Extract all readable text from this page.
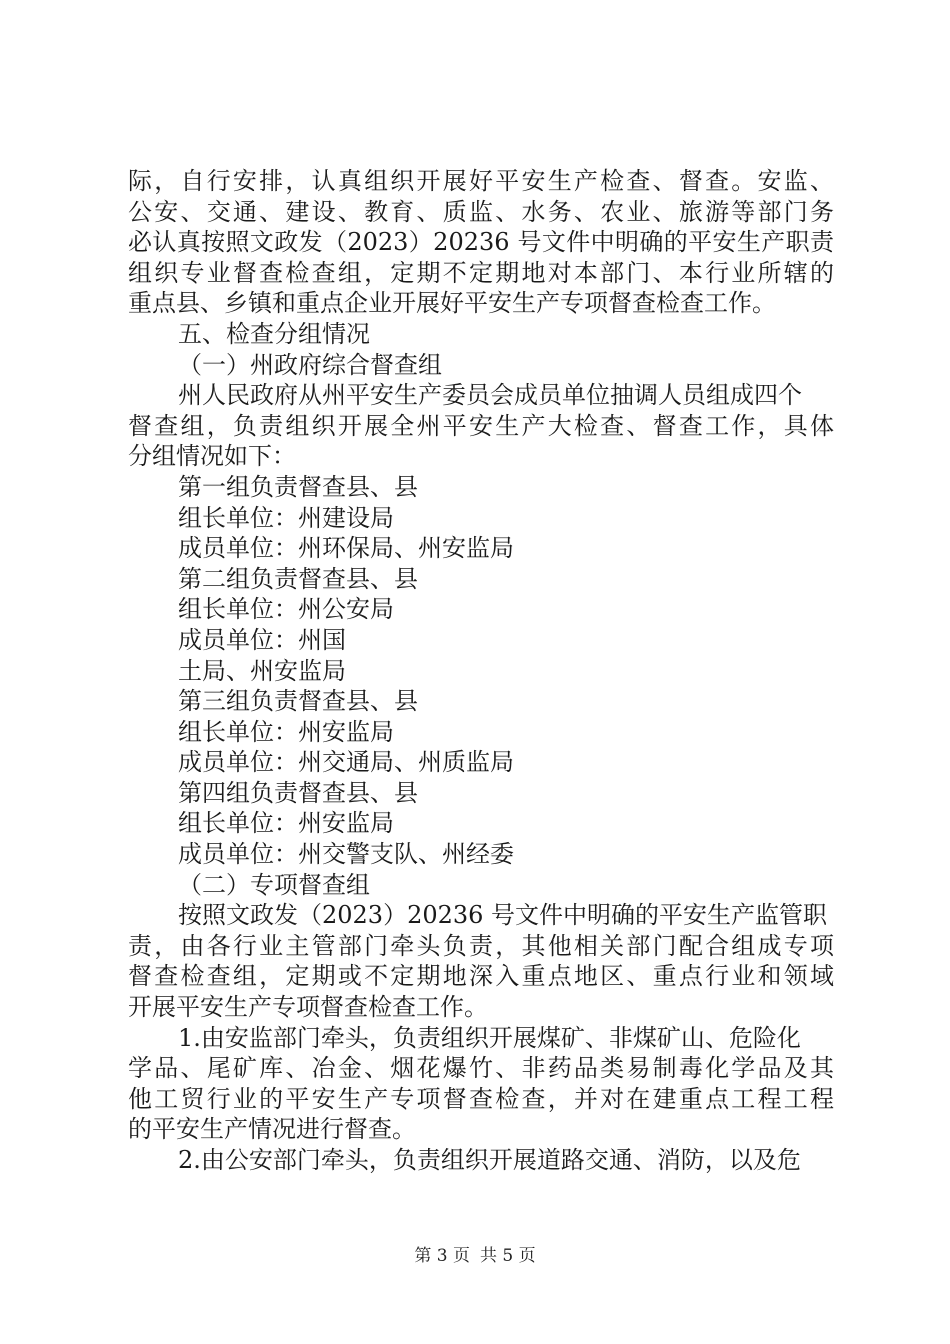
际，自行安排，认真组织开展好平安生产检查、督查。安监、
公安、交通、建设、教育、质监、水务、农业、旅游等部门务
必认真按照文政发（2023）20236 号文件中明确的平安生产职责
组织专业督查检查组，定期不定期地对本部门、本行业所辖的
重点县、乡镇和重点企业开展好平安生产专项督查检查工作。
五、检查分组情况
（一）州政府综合督查组
州人民政府从州平安生产委员会成员单位抽调人员组成四个
督查组，负责组织开展全州平安生产大检查、督查工作，具体
分组情况如下：
第一组负责督查县、县
组长单位：州建设局
成员单位：州环保局、州安监局
第二组负责督查县、县
组长单位：州公安局
成员单位：州国
土局、州安监局
第三组负责督查县、县
组长单位：州安监局
成员单位：州交通局、州质监局
第四组负责督查县、县
组长单位：州安监局
成员单位：州交警支队、州经委
（二）专项督查组
按照文政发（2023）20236 号文件中明确的平安生产监管职
责，由各行业主管部门牵头负责，其他相关部门配合组成专项
督查检查组，定期或不定期地深入重点地区、重点行业和领域
开展平安生产专项督查检查工作。
1.由安监部门牵头，负责组织开展煤矿、非煤矿山、危险化
学品、尾矿库、冶金、烟花爆竹、非药品类易制毒化学品及其
他工贸行业的平安生产专项督查检查，并对在建重点工程工程
的平安生产情况进行督查。
2.由公安部门牵头，负责组织开展道路交通、消防，以及危
第 3 页 共 5 页
